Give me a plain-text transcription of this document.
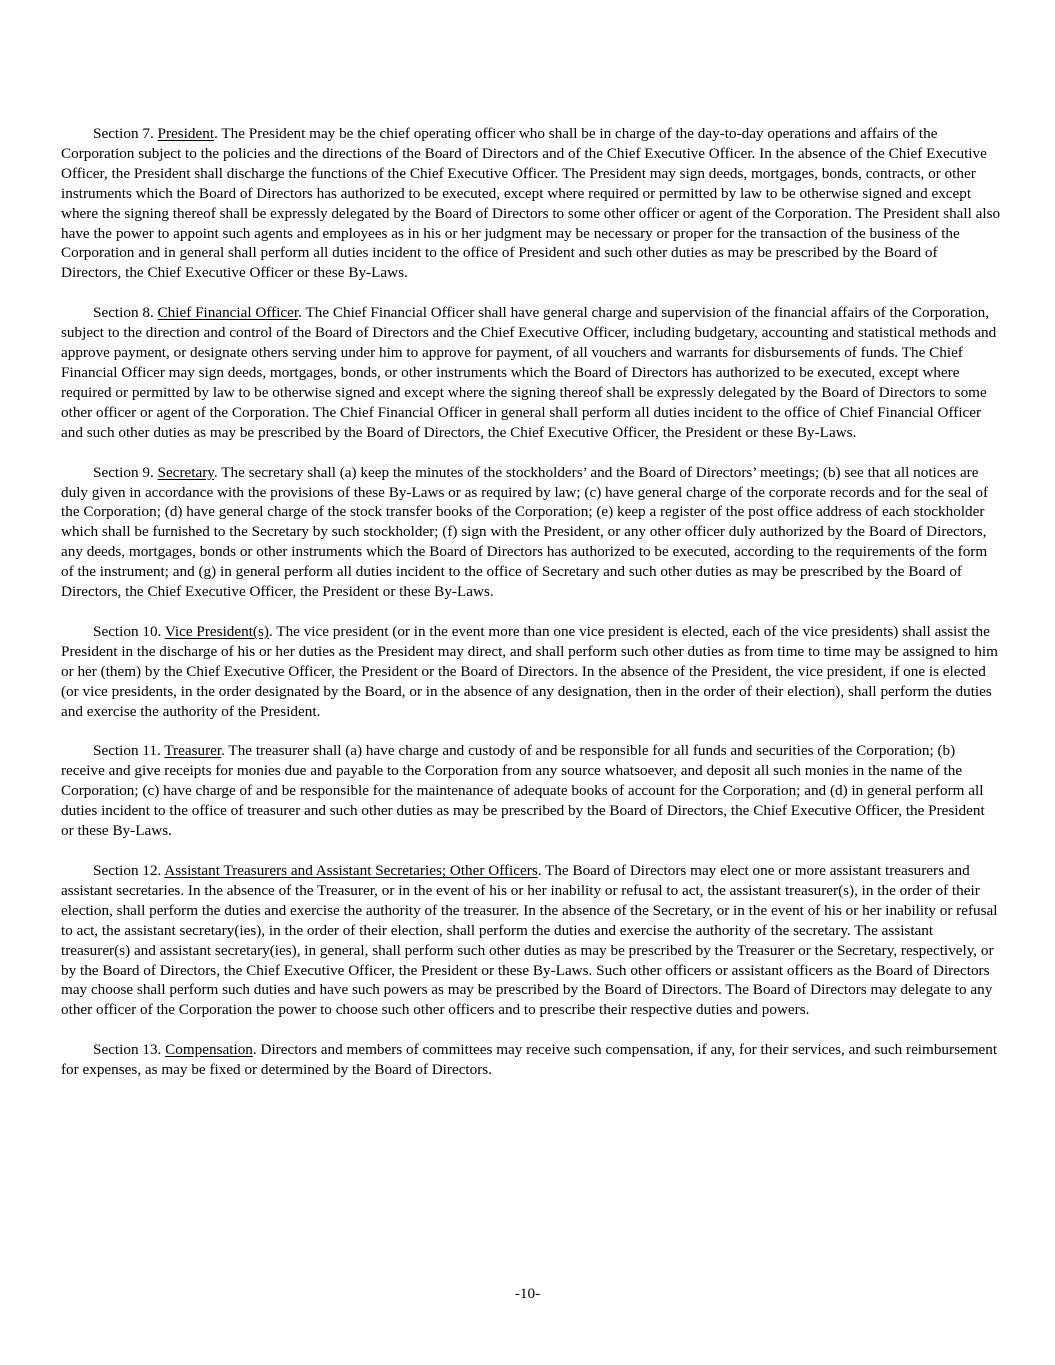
Section 7. President. The President may be the chief operating officer who shall be in charge of the day-to-day operations and affairs of the Corporation subject to the policies and the directions of the Board of Directors and of the Chief Executive Officer. In the absence of the Chief Executive Officer, the President shall discharge the functions of the Chief Executive Officer. The President may sign deeds, mortgages, bonds, contracts, or other instruments which the Board of Directors has authorized to be executed, except where required or permitted by law to be otherwise signed and except where the signing thereof shall be expressly delegated by the Board of Directors to some other officer or agent of the Corporation. The President shall also have the power to appoint such agents and employees as in his or her judgment may be necessary or proper for the transaction of the business of the Corporation and in general shall perform all duties incident to the office of President and such other duties as may be prescribed by the Board of Directors, the Chief Executive Officer or these By-Laws.

Section 8. Chief Financial Officer. The Chief Financial Officer shall have general charge and supervision of the financial affairs of the Corporation, subject to the direction and control of the Board of Directors and the Chief Executive Officer, including budgetary, accounting and statistical methods and approve payment, or designate others serving under him to approve for payment, of all vouchers and warrants for disbursements of funds. The Chief Financial Officer may sign deeds, mortgages, bonds, or other instruments which the Board of Directors has authorized to be executed, except where required or permitted by law to be otherwise signed and except where the signing thereof shall be expressly delegated by the Board of Directors to some other officer or agent of the Corporation. The Chief Financial Officer in general shall perform all duties incident to the office of Chief Financial Officer and such other duties as may be prescribed by the Board of Directors, the Chief Executive Officer, the President or these By-Laws.

Section 9. Secretary. The secretary shall (a) keep the minutes of the stockholders’ and the Board of Directors’ meetings; (b) see that all notices are duly given in accordance with the provisions of these By-Laws or as required by law; (c) have general charge of the corporate records and for the seal of the Corporation; (d) have general charge of the stock transfer books of the Corporation; (e) keep a register of the post office address of each stockholder which shall be furnished to the Secretary by such stockholder; (f) sign with the President, or any other officer duly authorized by the Board of Directors, any deeds, mortgages, bonds or other instruments which the Board of Directors has authorized to be executed, according to the requirements of the form of the instrument; and (g) in general perform all duties incident to the office of Secretary and such other duties as may be prescribed by the Board of Directors, the Chief Executive Officer, the President or these By-Laws.

Section 10. Vice President(s). The vice president (or in the event more than one vice president is elected, each of the vice presidents) shall assist the President in the discharge of his or her duties as the President may direct, and shall perform such other duties as from time to time may be assigned to him or her (them) by the Chief Executive Officer, the President or the Board of Directors. In the absence of the President, the vice president, if one is elected (or vice presidents, in the order designated by the Board, or in the absence of any designation, then in the order of their election), shall perform the duties and exercise the authority of the President.

Section 11. Treasurer. The treasurer shall (a) have charge and custody of and be responsible for all funds and securities of the Corporation; (b) receive and give receipts for monies due and payable to the Corporation from any source whatsoever, and deposit all such monies in the name of the Corporation; (c) have charge of and be responsible for the maintenance of adequate books of account for the Corporation; and (d) in general perform all duties incident to the office of treasurer and such other duties as may be prescribed by the Board of Directors, the Chief Executive Officer, the President or these By-Laws.

Section 12. Assistant Treasurers and Assistant Secretaries; Other Officers. The Board of Directors may elect one or more assistant treasurers and assistant secretaries. In the absence of the Treasurer, or in the event of his or her inability or refusal to act, the assistant treasurer(s), in the order of their election, shall perform the duties and exercise the authority of the treasurer. In the absence of the Secretary, or in the event of his or her inability or refusal to act, the assistant secretary(ies), in the order of their election, shall perform the duties and exercise the authority of the secretary. The assistant treasurer(s) and assistant secretary(ies), in general, shall perform such other duties as may be prescribed by the Treasurer or the Secretary, respectively, or by the Board of Directors, the Chief Executive Officer, the President or these By-Laws. Such other officers or assistant officers as the Board of Directors may choose shall perform such duties and have such powers as may be prescribed by the Board of Directors. The Board of Directors may delegate to any other officer of the Corporation the power to choose such other officers and to prescribe their respective duties and powers.

Section 13. Compensation. Directors and members of committees may receive such compensation, if any, for their services, and such reimbursement for expenses, as may be fixed or determined by the Board of Directors.

-10-
